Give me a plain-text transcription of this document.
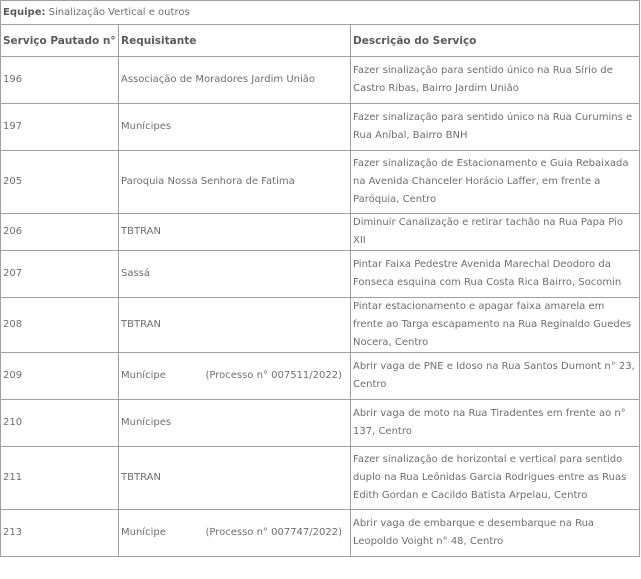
Equipe: Sinalização Vertical e outros		
Serviço Pautado n°	Requisitante	Descrição do Serviço
196	Associação de Moradores Jardim União	Fazer sinalização para sentido único na Rua Sírio de Castro Ribas, Bairro Jardim União
197	Munícipes	Fazer sinalização para sentido único na Rua Curumins e Rua Aníbal, Bairro BNH
205	Paroquia Nossa Senhora de Fatima	Fazer sinalização de Estacionamento e Guia Rebaixada na Avenida Chanceler Horácio Laffer, em frente a Paróquia, Centro
206	TBTRAN	Diminuir Canalização e retirar tachão na Rua Papa Pio XII
207	Sassá	Pintar Faixa Pedestre Avenida Marechal Deodoro da Fonseca esquina com Rua Costa Rica Bairro, Socomin
208	TBTRAN	Pintar estacionamento e apagar faixa amarela em frente ao Targa escapamento na Rua Reginaldo Guedes Nocera, Centro
209	Munícipe (Processo n° 007511/2022)	Abrir vaga de PNE e Idoso na Rua Santos Dumont n° 23, Centro
210	Munícipes	Abrir vaga de moto na Rua Tiradentes em frente ao n° 137, Centro
211	TBTRAN	Fazer sinalização de horizontal e vertical para sentido duplo na Rua Leônidas Garcia Rodrigues entre as Ruas Edith Gordan e Cacildo Batista Arpelau, Centro
213	Munícipe (Processo n° 007747/2022)	Abrir vaga de embarque e desembarque na Rua Leopoldo Voight n° 48, Centro
